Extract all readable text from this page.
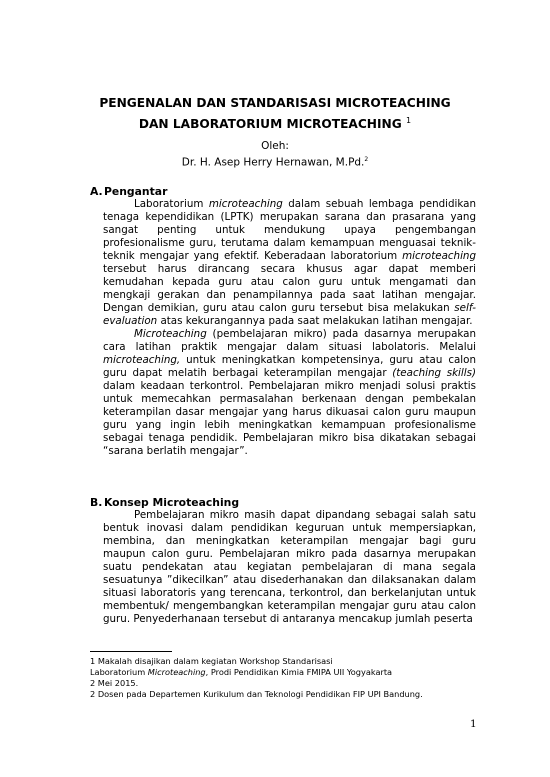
PENGENALAN DAN STANDARISASI MICROTEACHING
DAN LABORATORIUM MICROTEACHING $^1$
Oleh:
Dr. H. Asep Herry Hernawan, M.Pd.$^2$
A.Pengantar

Laboratorium microteaching dalam sebuah lembaga pendidikan tenaga kependidikan (LPTK) merupakan sarana dan prasarana yang sangat penting untuk mendukung upaya pengembangan profesionalisme guru, terutama dalam kemampuan menguasai teknik-teknik mengajar yang efektif. Keberadaan laboratorium microteaching tersebut harus dirancang secara khusus agar dapat memberi kemudahan kepada guru atau calon guru untuk mengamati dan mengkaji gerakan dan penampilannya pada saat latihan mengajar. Dengan demikian, guru atau calon guru tersebut bisa melakukan self-evaluation atas kekurangannya pada saat melakukan latihan mengajar.

Microteaching (pembelajaran mikro) pada dasarnya merupakan cara latihan praktik mengajar dalam situasi labolatoris. Melalui microteaching, untuk meningkatkan kompetensinya, guru atau calon guru dapat melatih berbagai keterampilan mengajar (teaching skills) dalam keadaan terkontrol. Pembelajaran mikro menjadi solusi praktis untuk memecahkan permasalahan berkenaan dengan pembekalan keterampilan dasar mengajar yang harus dikuasai calon guru maupun guru yang ingin lebih meningkatkan kemampuan profesionalisme sebagai tenaga pendidik. Pembelajaran mikro bisa dikatakan sebagai “sarana berlatih mengajar”.

B. Konsep Microteaching

Pembelajaran mikro masih dapat dipandang sebagai salah satu bentuk inovasi dalam pendidikan keguruan untuk mempersiapkan, membina, dan meningkatkan keterampilan mengajar bagi guru maupun calon guru. Pembelajaran mikro pada dasarnya merupakan suatu pendekatan atau kegiatan pembelajaran di mana segala sesuatunya ”dikecilkan” atau disederhanakan dan dilaksanakan dalam situasi laboratoris yang terencana, terkontrol, dan berkelanjutan untuk membentuk/ mengembangkan keterampilan mengajar guru atau calon guru. Penyederhanaan tersebut di antaranya mencakup jumlah peserta

1 Makalah disajikan dalam kegiatan Workshop Standarisasi
Laboratorium Microteaching, Prodi Pendidikan Kimia FMIPA UII Yogyakarta
2 Mei 2015.
2 Dosen pada Departemen Kurikulum dan Teknologi Pendidikan FIP UPI Bandung.
1
